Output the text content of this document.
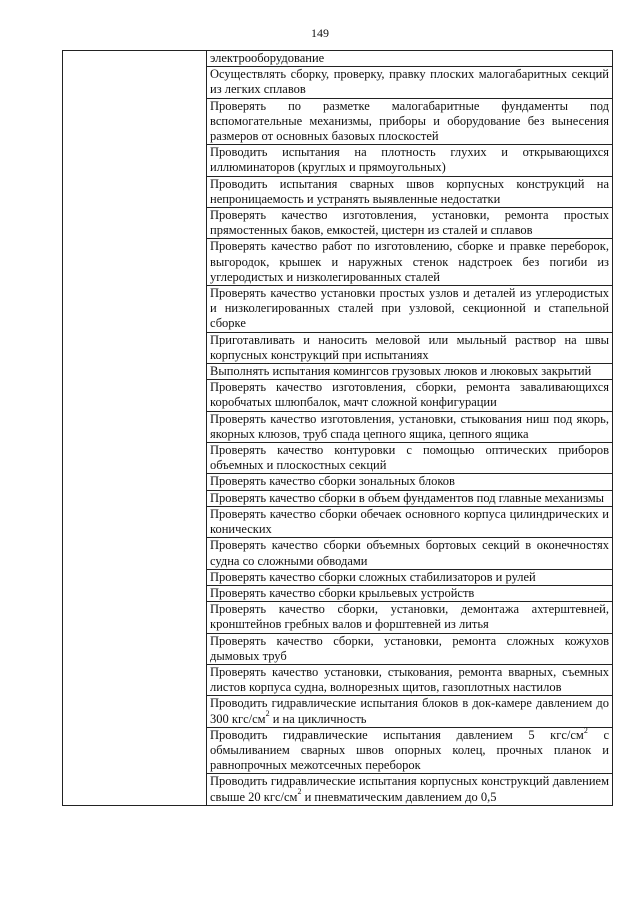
149
	электрооборудование
Осуществлять сборку, проверку, правку плоских малогабаритных секций из легких сплавов
Проверять по разметке малогабаритные фундаменты под вспомогательные механизмы, приборы и оборудование без вынесения размеров от основных базовых плоскостей
Проводить испытания на плотность глухих и открывающихся иллюминаторов (круглых и прямоугольных)
Проводить испытания сварных швов корпусных конструкций на непроницаемость и устранять выявленные недостатки
Проверять качество изготовления, установки, ремонта простых прямостенных баков, емкостей, цистерн из сталей и сплавов
Проверять качество работ по изготовлению, сборке и правке переборок, выгородок, крышек и наружных стенок надстроек без погиби из углеродистых и низколегированных сталей
Проверять качество установки простых узлов и деталей из углеродистых и низколегированных сталей при узловой, секционной и стапельной сборке
Приготавливать и наносить меловой или мыльный раствор на швы корпусных конструкций при испытаниях
Выполнять испытания комингсов грузовых люков и люковых закрытий
Проверять качество изготовления, сборки, ремонта заваливающихся коробчатых шлюпбалок, мачт сложной конфигурации
Проверять качество изготовления, установки, стыкования ниш под якорь, якорных клюзов, труб спада цепного ящика, цепного ящика
Проверять качество контуровки с помощью оптических приборов объемных и плоскостных секций
Проверять качество сборки зональных блоков
Проверять качество сборки в объем фундаментов под главные механизмы
Проверять качество сборки обечаек основного корпуса цилиндрических и конических
Проверять качество сборки объемных бортовых секций в оконечностях судна со сложными обводами
Проверять качество сборки сложных стабилизаторов и рулей
Проверять качество сборки крыльевых устройств
Проверять качество сборки, установки, демонтажа ахтерштевней, кронштейнов гребных валов и форштевней из литья
Проверять качество сборки, установки, ремонта сложных кожухов дымовых труб
Проверять качество установки, стыкования, ремонта вварных, съемных листов корпуса судна, волнорезных щитов, газоплотных настилов
Проводить гидравлические испытания блоков в док-камере давлением до 300 кгс/$см^2$ и на цикличность
Проводить гидравлические испытания давлением 5 кгс/$см^2$ с обмыливанием сварных швов опорных колец, прочных планок и равнопрочных межотсечных переборок
Проводить гидравлические испытания корпусных конструкций давлением свыше 20 кгс/$см^2$ и пневматическим давлением до 0,5
